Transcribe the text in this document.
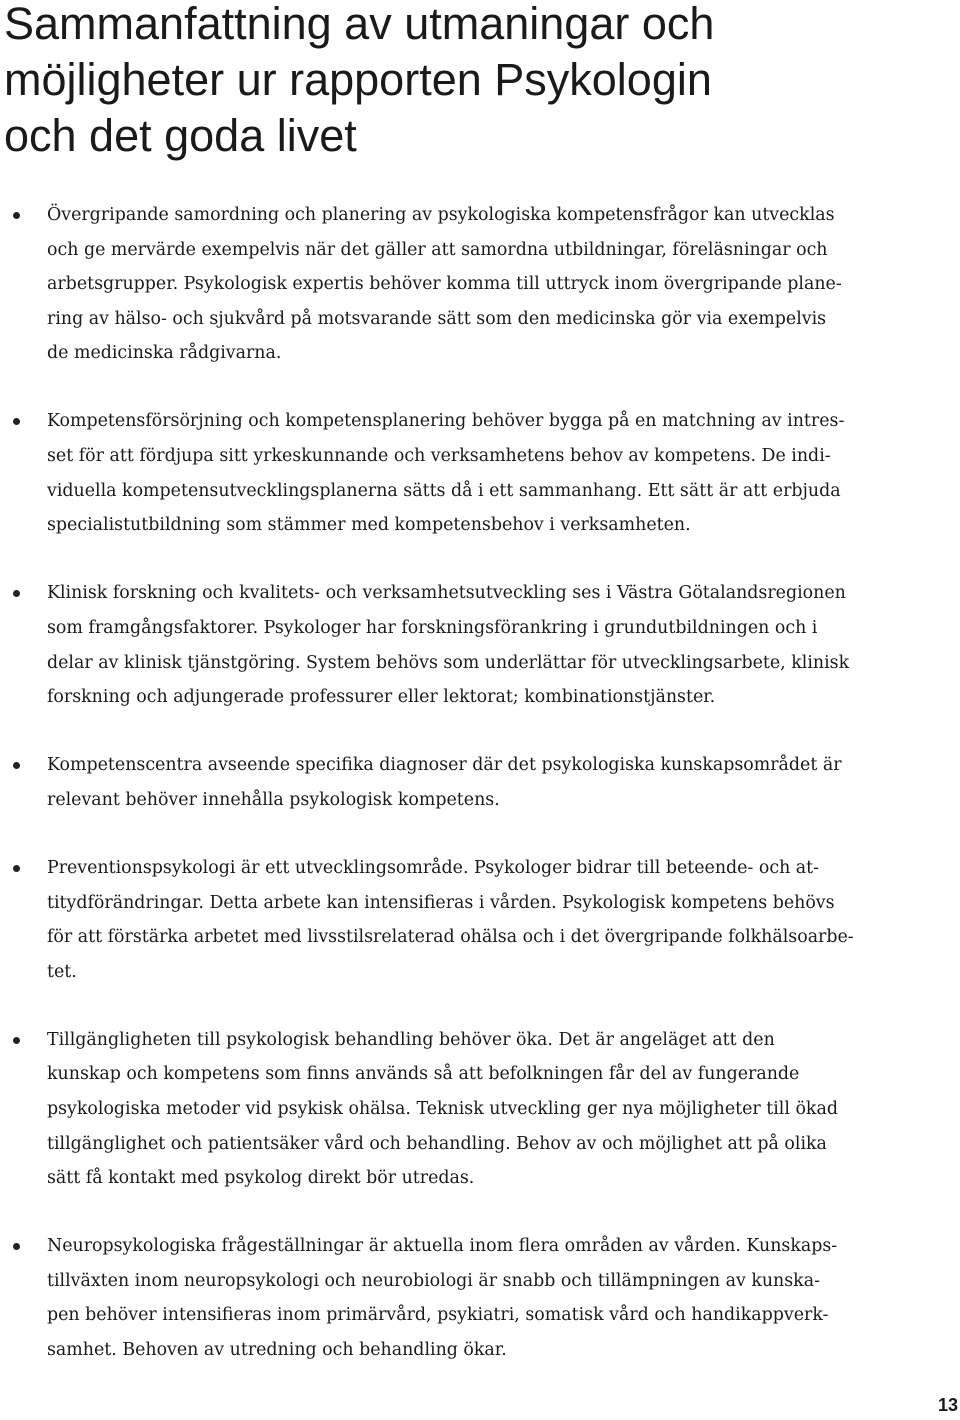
Sammanfattning av utmaningar och
möjligheter ur rapporten Psykologin
och det goda livet
Övergripande samordning och planering av psykologiska kompetensfrågor kan utvecklas
och ge mervärde exempelvis när det gäller att samordna utbildningar, föreläsningar och
arbetsgrupper. Psykologisk expertis behöver komma till uttryck inom övergripande plane-
ring av hälso- och sjukvård på motsvarande sätt som den medicinska gör via exempelvis
de medicinska rådgivarna.
Kompetensförsörjning och kompetensplanering behöver bygga på en matchning av intres-
set för att fördjupa sitt yrkeskunnande och verksamhetens behov av kompetens. De indi-
viduella kompetensutvecklingsplanerna sätts då i ett sammanhang. Ett sätt är att erbjuda
specialistutbildning som stämmer med kompetensbehov i verksamheten.
Klinisk forskning och kvalitets- och verksamhetsutveckling ses i Västra Götalandsregionen
som framgångsfaktorer. Psykologer har forskningsförankring i grundutbildningen och i
delar av klinisk tjänstgöring. System behövs som underlättar för utvecklingsarbete, klinisk
forskning och adjungerade professurer eller lektorat; kombinationstjänster.
Kompetenscentra avseende specifika diagnoser där det psykologiska kunskapsområdet är
relevant behöver innehålla psykologisk kompetens.
Preventionspsykologi är ett utvecklingsområde. Psykologer bidrar till beteende- och at-
titydförändringar. Detta arbete kan intensifieras i vården. Psykologisk kompetens behövs
för att förstärka arbetet med livsstilsrelaterad ohälsa och i det övergripande folkhälsoarbe-
tet.
Tillgängligheten till psykologisk behandling behöver öka. Det är angeläget att den
kunskap och kompetens som finns används så att befolkningen får del av fungerande
psykologiska metoder vid psykisk ohälsa. Teknisk utveckling ger nya möjligheter till ökad
tillgänglighet och patientsäker vård och behandling. Behov av och möjlighet att på olika
sätt få kontakt med psykolog direkt bör utredas.
Neuropsykologiska frågeställningar är aktuella inom flera områden av vården. Kunskaps-
tillväxten inom neuropsykologi och neurobiologi är snabb och tillämpningen av kunska-
pen behöver intensifieras inom primärvård, psykiatri, somatisk vård och handikappverk-
samhet. Behoven av utredning och behandling ökar.
13
